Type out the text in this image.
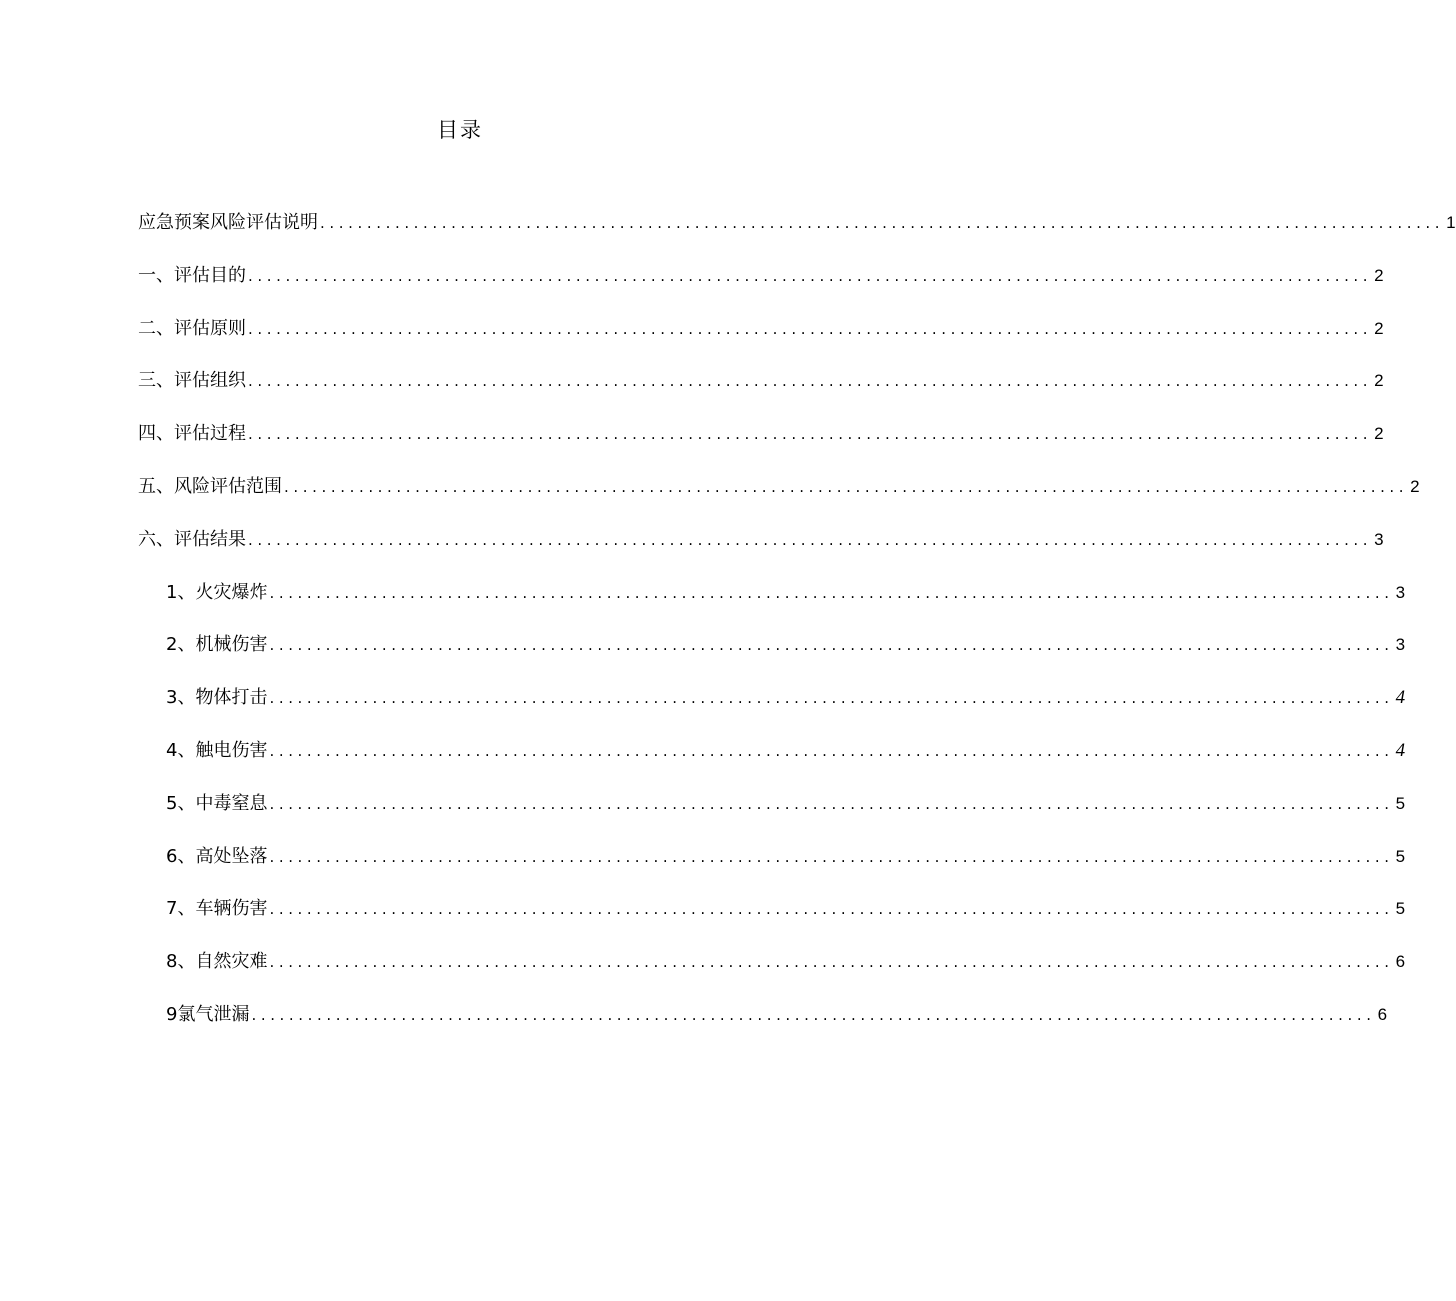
目录
应急预案风险评估说明 ........................................................................................................................ 1
一、评估目的 ........................................................................................................................ 2
二、评估原则 ........................................................................................................................ 2
三、评估组织 ........................................................................................................................ 2
四、评估过程 ........................................................................................................................ 2
五、风险评估范围 ........................................................................................................................ 2
六、评估结果 ........................................................................................................................ 3
1、火灾爆炸 ........................................................................................................................ 3
2、机械伤害 ........................................................................................................................ 3
3、物体打击 ........................................................................................................................ 4
4、触电伤害 ........................................................................................................................ 4
5、中毒窒息 ........................................................................................................................ 5
6、高处坠落 ........................................................................................................................ 5
7、车辆伤害 ........................................................................................................................ 5
8、自然灾难 ........................................................................................................................ 6
9氯气泄漏 ........................................................................................................................ 6
